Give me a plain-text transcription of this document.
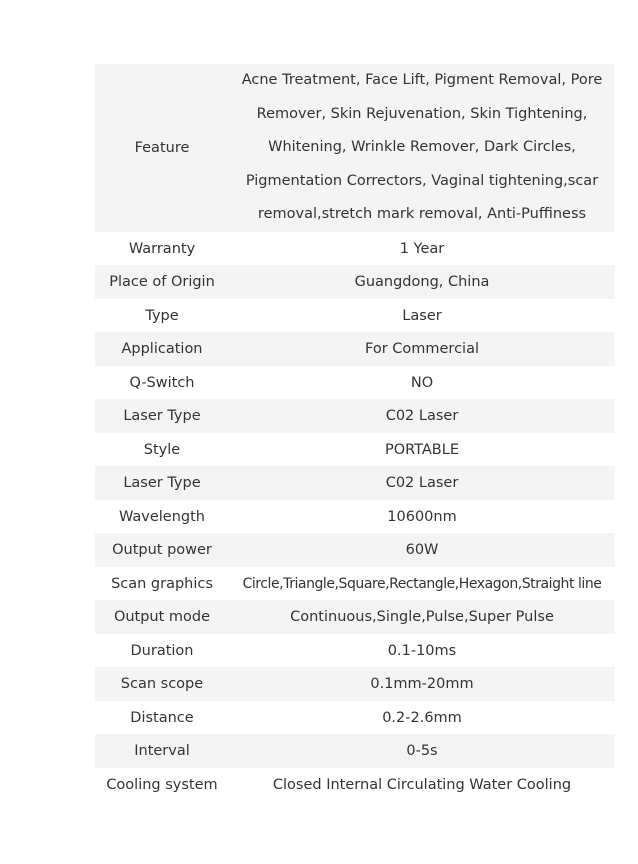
Feature	Acne Treatment, Face Lift, Pigment Removal, Pore Remover, Skin Rejuvenation, Skin Tightening, Whitening, Wrinkle Remover, Dark Circles, Pigmentation Correctors, Vaginal tightening,scar removal,stretch mark removal, Anti-Puffiness
Warranty	1 Year
Place of Origin	Guangdong, China
Type	Laser
Application	For Commercial
Q-Switch	NO
Laser Type	C02 Laser
Style	PORTABLE
Laser Type	C02 Laser
Wavelength	10600nm
Output power	60W
Scan graphics	Circle,Triangle,Square,Rectangle,Hexagon,Straight line
Output mode	Continuous,Single,Pulse,Super Pulse
Duration	0.1-10ms
Scan scope	0.1mm-20mm
Distance	0.2-2.6mm
Interval	0-5s
Cooling system	Closed Internal Circulating Water Cooling
